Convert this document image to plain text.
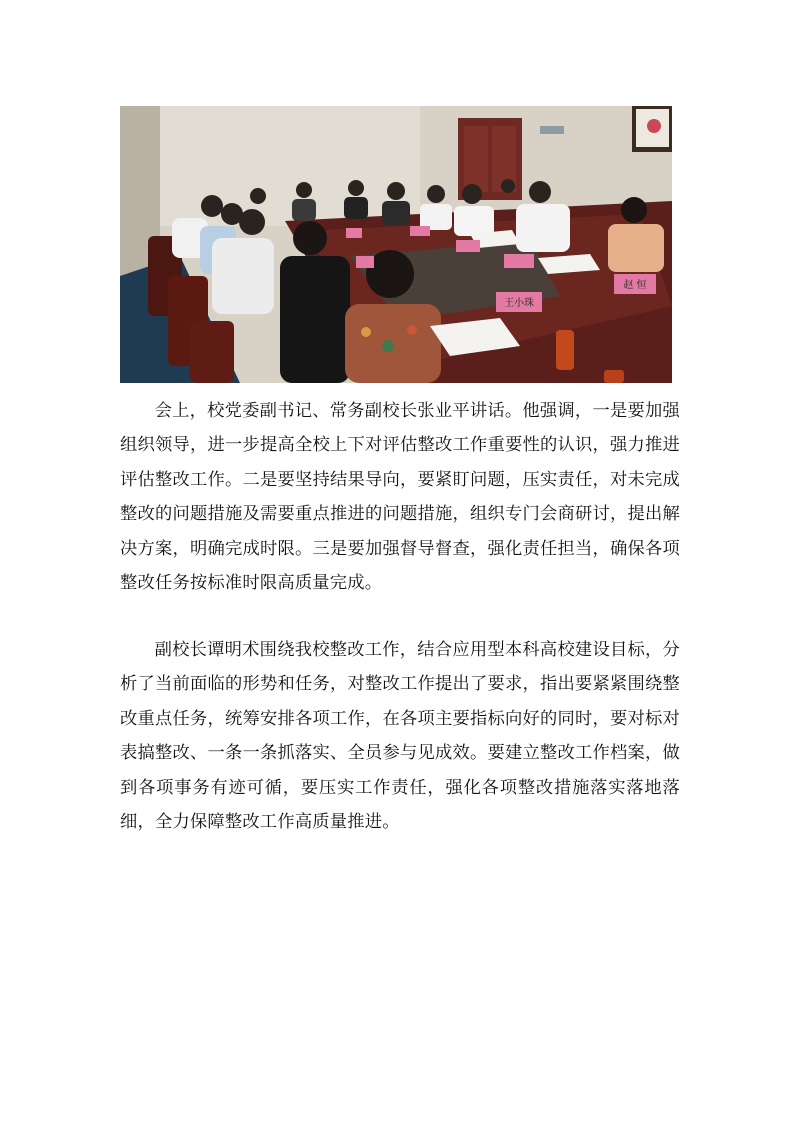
王小珠
赵 恒

会上，校党委副书记、常务副校长张业平讲话。他强调，一是要加强组织领导，进一步提高全校上下对评估整改工作重要性的认识，强力推进评估整改工作。二是要坚持结果导向，要紧盯问题，压实责任，对未完成整改的问题措施及需要重点推进的问题措施，组织专门会商研讨，提出解决方案，明确完成时限。三是要加强督导督查，强化责任担当，确保各项整改任务按标准时限高质量完成。

副校长谭明术围绕我校整改工作，结合应用型本科高校建设目标，分析了当前面临的形势和任务，对整改工作提出了要求，指出要紧紧围绕整改重点任务，统筹安排各项工作，在各项主要指标向好的同时，要对标对表搞整改、一条一条抓落实、全员参与见成效。要建立整改工作档案，做到各项事务有迹可循，要压实工作责任，强化各项整改措施落实落地落细，全力保障整改工作高质量推进。
